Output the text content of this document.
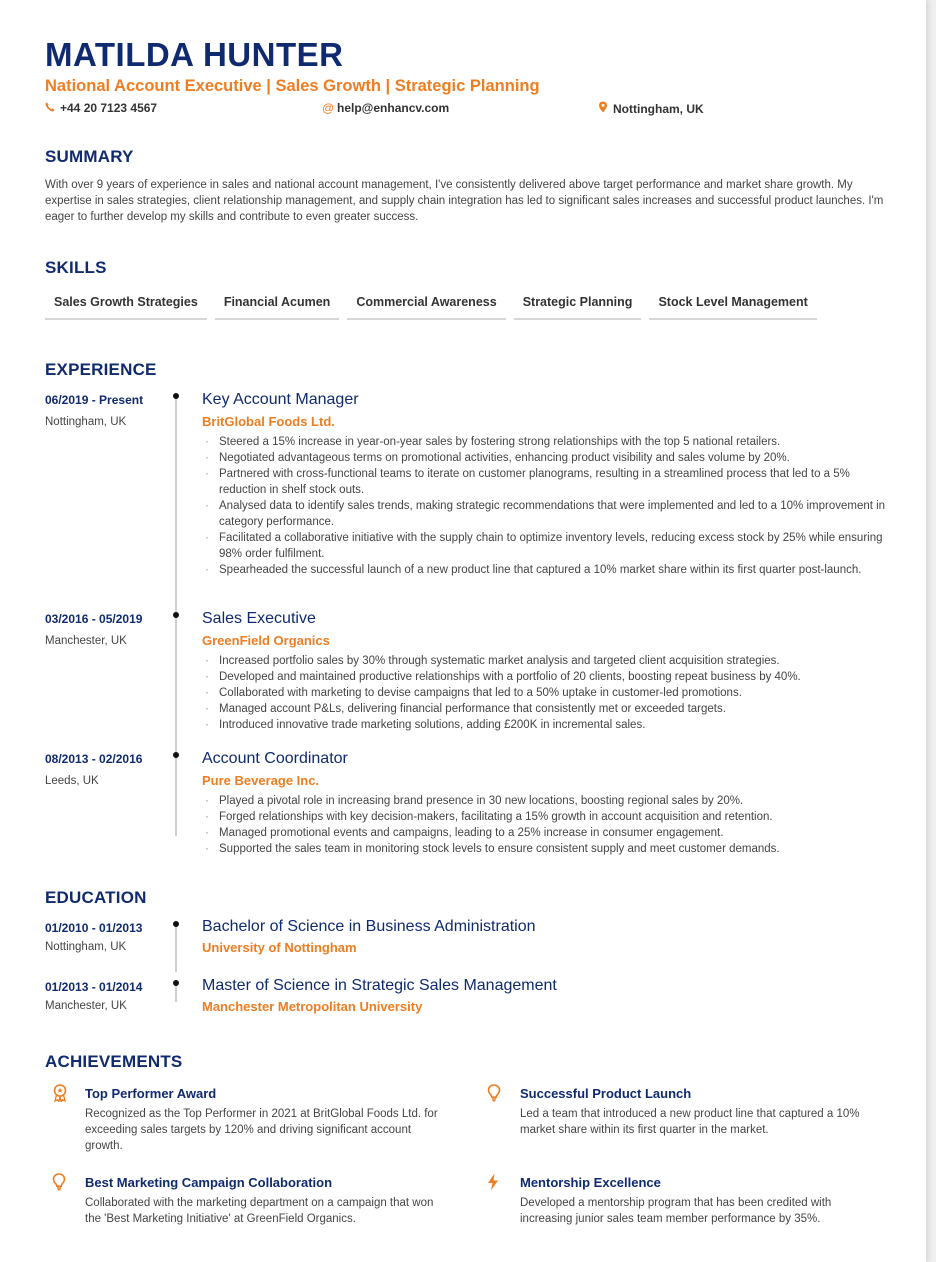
MATILDA HUNTER
National Account Executive | Sales Growth | Strategic Planning
+44 20 7123 4567	@ help@enhancv.com	Nottingham, UK
SUMMARY
With over 9 years of experience in sales and national account management, I've consistently delivered above target performance and market share growth. My expertise in sales strategies, client relationship management, and supply chain integration has led to significant sales increases and successful product launches. I'm eager to further develop my skills and contribute to even greater success.
SKILLS
Sales Growth Strategies	Financial Acumen	Commercial Awareness	Strategic Planning	Stock Level Management
EXPERIENCE
06/2019 - Present
Nottingham, UK
Key Account Manager
BritGlobal Foods Ltd.
· Steered a 15% increase in year-on-year sales by fostering strong relationships with the top 5 national retailers.
· Negotiated advantageous terms on promotional activities, enhancing product visibility and sales volume by 20%.
· Partnered with cross-functional teams to iterate on customer planograms, resulting in a streamlined process that led to a 5% reduction in shelf stock outs.
· Analysed data to identify sales trends, making strategic recommendations that were implemented and led to a 10% improvement in category performance.
· Facilitated a collaborative initiative with the supply chain to optimize inventory levels, reducing excess stock by 25% while ensuring 98% order fulfilment.
· Spearheaded the successful launch of a new product line that captured a 10% market share within its first quarter post-launch.
03/2016 - 05/2019
Manchester, UK
Sales Executive
GreenField Organics
· Increased portfolio sales by 30% through systematic market analysis and targeted client acquisition strategies.
· Developed and maintained productive relationships with a portfolio of 20 clients, boosting repeat business by 40%.
· Collaborated with marketing to devise campaigns that led to a 50% uptake in customer-led promotions.
· Managed account P&Ls, delivering financial performance that consistently met or exceeded targets.
· Introduced innovative trade marketing solutions, adding £200K in incremental sales.
08/2013 - 02/2016
Leeds, UK
Account Coordinator
Pure Beverage Inc.
· Played a pivotal role in increasing brand presence in 30 new locations, boosting regional sales by 20%.
· Forged relationships with key decision-makers, facilitating a 15% growth in account acquisition and retention.
· Managed promotional events and campaigns, leading to a 25% increase in consumer engagement.
· Supported the sales team in monitoring stock levels to ensure consistent supply and meet customer demands.
EDUCATION
01/2010 - 01/2013
Nottingham, UK
Bachelor of Science in Business Administration
University of Nottingham
01/2013 - 01/2014
Manchester, UK
Master of Science in Strategic Sales Management
Manchester Metropolitan University
ACHIEVEMENTS
Top Performer Award
Recognized as the Top Performer in 2021 at BritGlobal Foods Ltd. for exceeding sales targets by 120% and driving significant account growth.
Successful Product Launch
Led a team that introduced a new product line that captured a 10% market share within its first quarter in the market.
Best Marketing Campaign Collaboration
Collaborated with the marketing department on a campaign that won the 'Best Marketing Initiative' at GreenField Organics.
Mentorship Excellence
Developed a mentorship program that has been credited with increasing junior sales team member performance by 35%.
